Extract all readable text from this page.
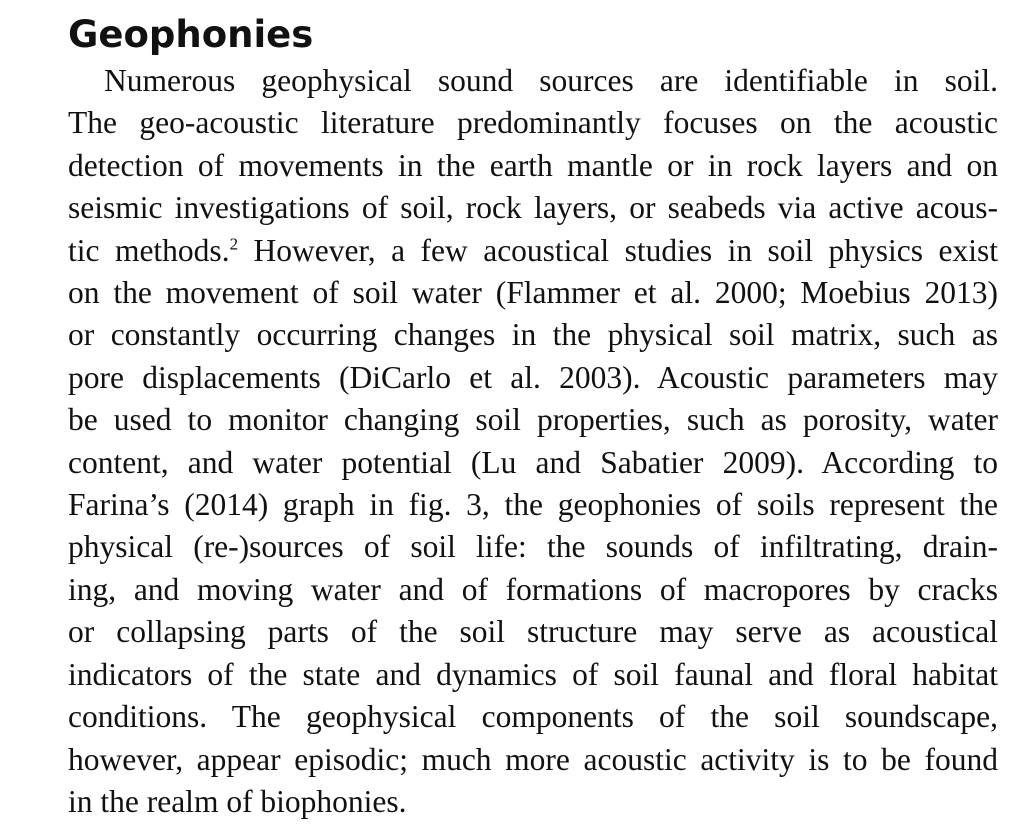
Geophonies
Numerous geophysical sound sources are identifiable in soil.
The geo-acoustic literature predominantly focuses on the acoustic
detection of movements in the earth mantle or in rock layers and on
seismic investigations of soil, rock layers, or seabeds via active acous-
tic methods.$^2$ However, a few acoustical studies in soil physics exist
on the movement of soil water (Flammer et al. 2000; Moebius 2013)
or constantly occurring changes in the physical soil matrix, such as
pore displacements (DiCarlo et al. 2003). Acoustic parameters may
be used to monitor changing soil properties, such as porosity, water
content, and water potential (Lu and Sabatier 2009). According to
Farina’s (2014) graph in fig. 3, the geophonies of soils represent the
physical (re-)sources of soil life: the sounds of infiltrating, drain-
ing, and moving water and of formations of macropores by cracks
or collapsing parts of the soil structure may serve as acoustical
indicators of the state and dynamics of soil faunal and floral habitat
conditions. The geophysical components of the soil soundscape,
however, appear episodic; much more acoustic activity is to be found
in the realm of biophonies.
